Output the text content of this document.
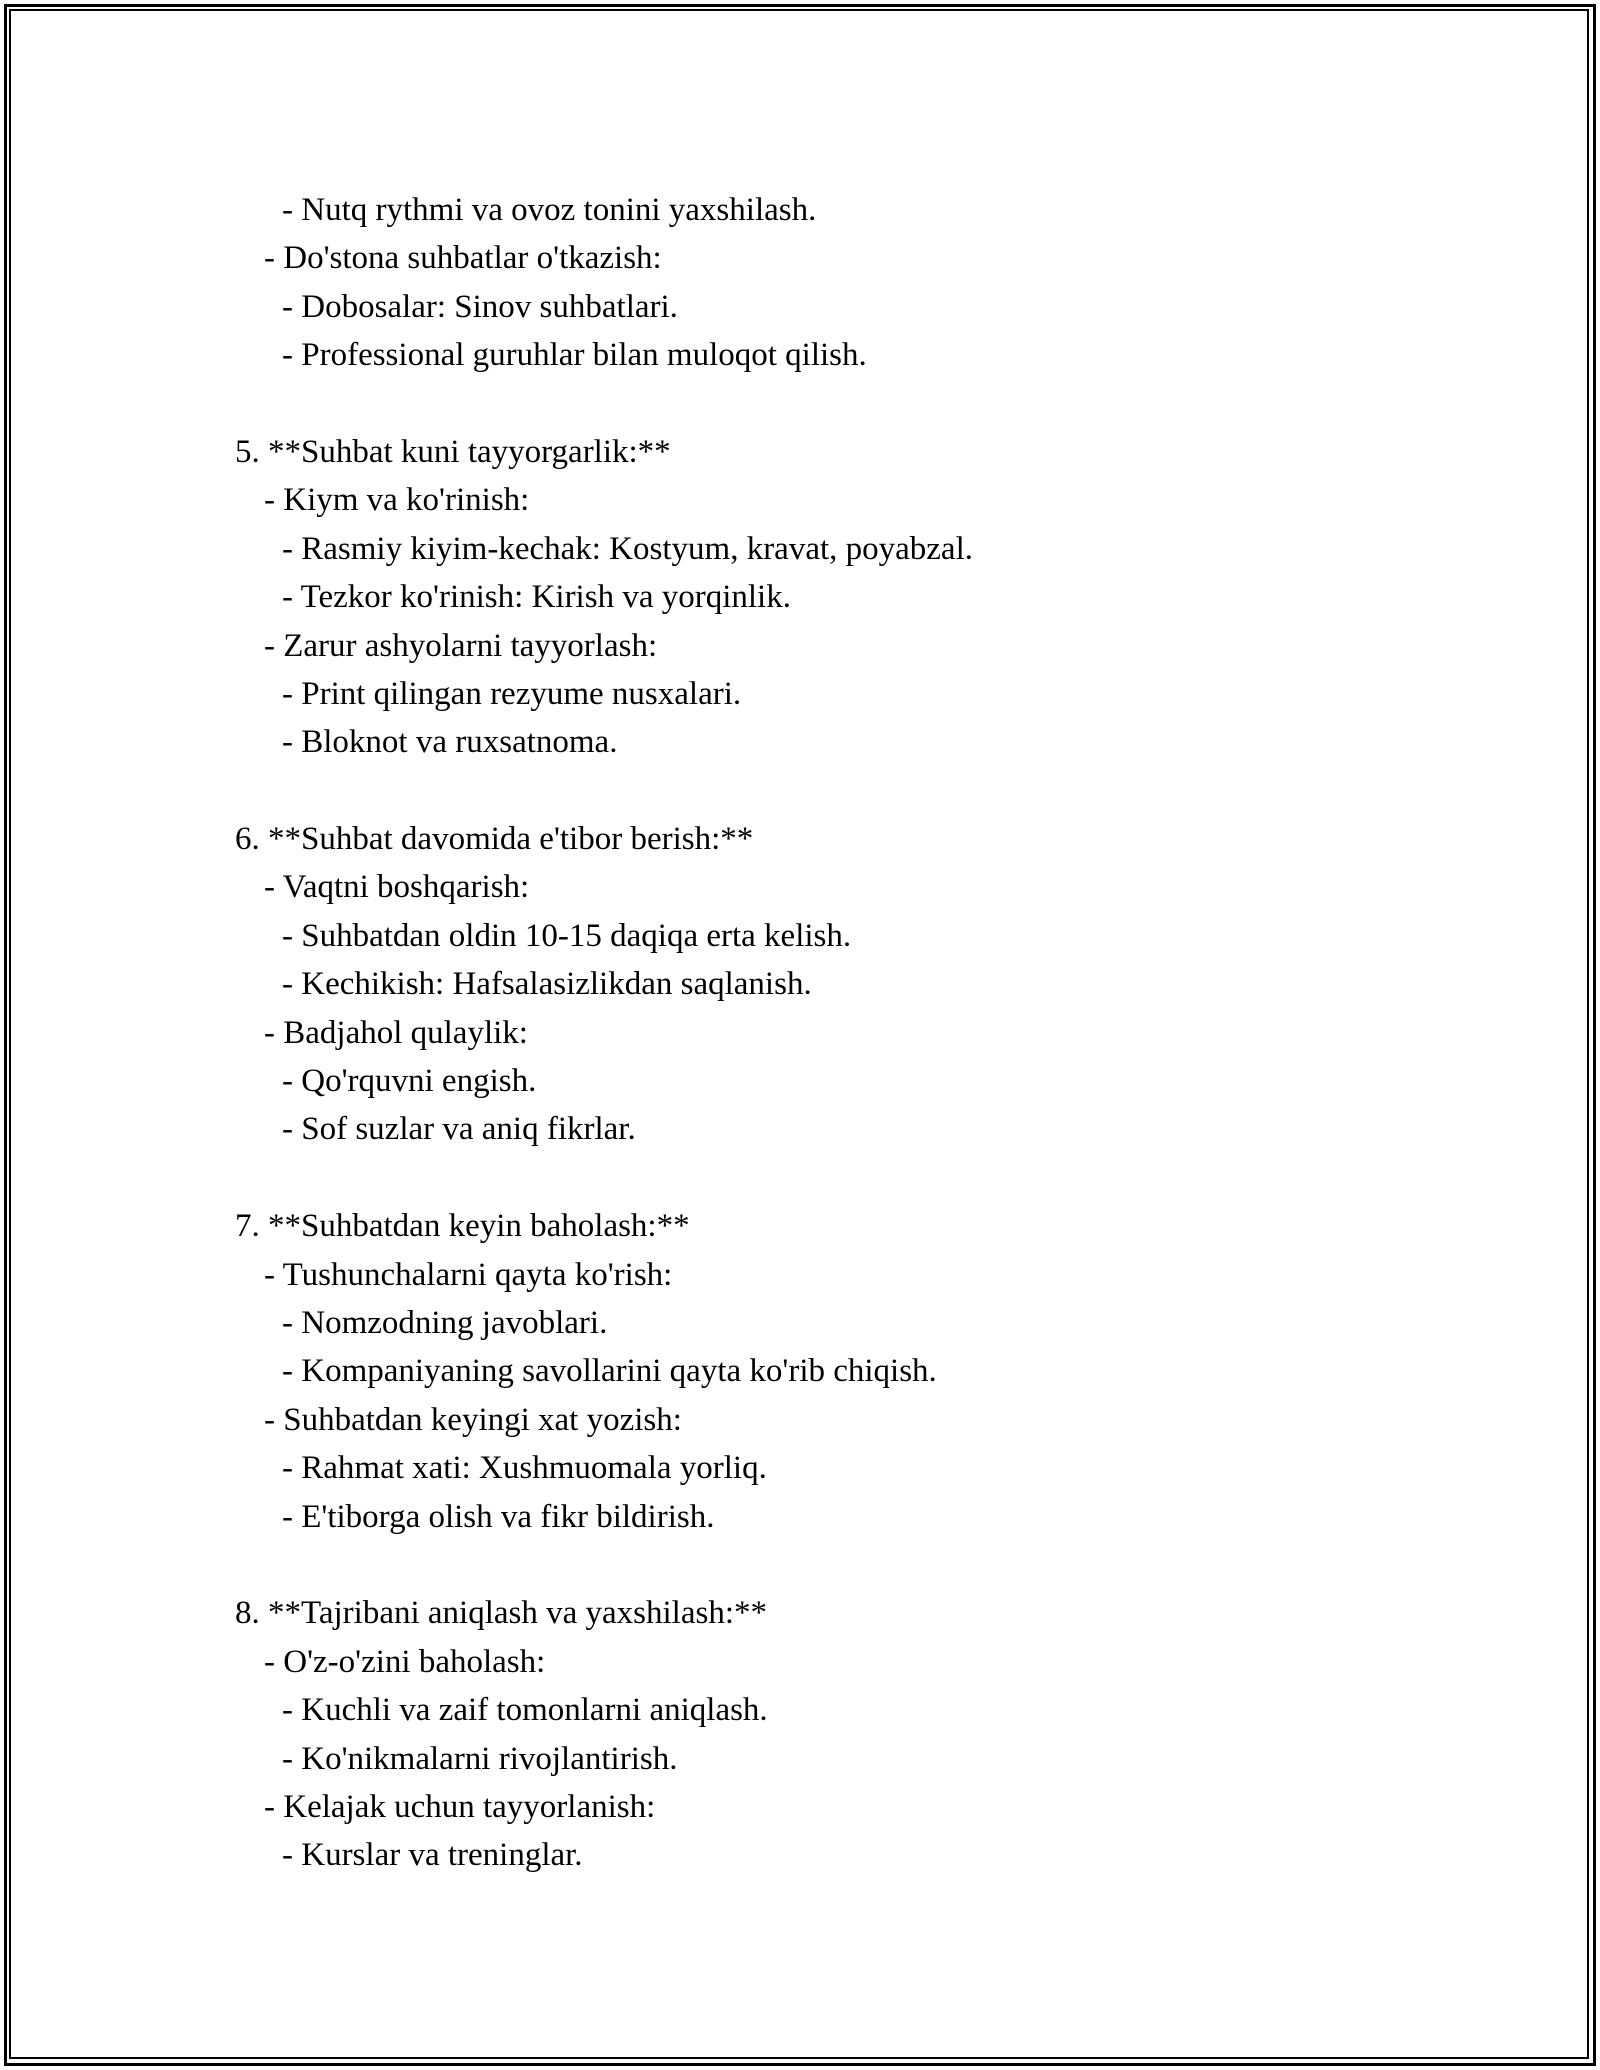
- Nutq rythmi va ovoz tonini yaxshilash.
- Do'stona suhbatlar o'tkazish:
- Dobosalar: Sinov suhbatlari.
- Professional guruhlar bilan muloqot qilish.
5. **Suhbat kuni tayyorgarlik:**
- Kiym va ko'rinish:
- Rasmiy kiyim-kechak: Kostyum, kravat, poyabzal.
- Tezkor ko'rinish: Kirish va yorqinlik.
- Zarur ashyolarni tayyorlash:
- Print qilingan rezyume nusxalari.
- Bloknot va ruxsatnoma.
6. **Suhbat davomida e'tibor berish:**
- Vaqtni boshqarish:
- Suhbatdan oldin 10-15 daqiqa erta kelish.
- Kechikish: Hafsalasizlikdan saqlanish.
- Badjahol qulaylik:
- Qo'rquvni engish.
- Sof suzlar va aniq fikrlar.
7. **Suhbatdan keyin baholash:**
- Tushunchalarni qayta ko'rish:
- Nomzodning javoblari.
- Kompaniyaning savollarini qayta ko'rib chiqish.
- Suhbatdan keyingi xat yozish:
- Rahmat xati: Xushmuomala yorliq.
- E'tiborga olish va fikr bildirish.
8. **Tajribani aniqlash va yaxshilash:**
- O'z-o'zini baholash:
- Kuchli va zaif tomonlarni aniqlash.
- Ko'nikmalarni rivojlantirish.
- Kelajak uchun tayyorlanish:
- Kurslar va treninglar.
